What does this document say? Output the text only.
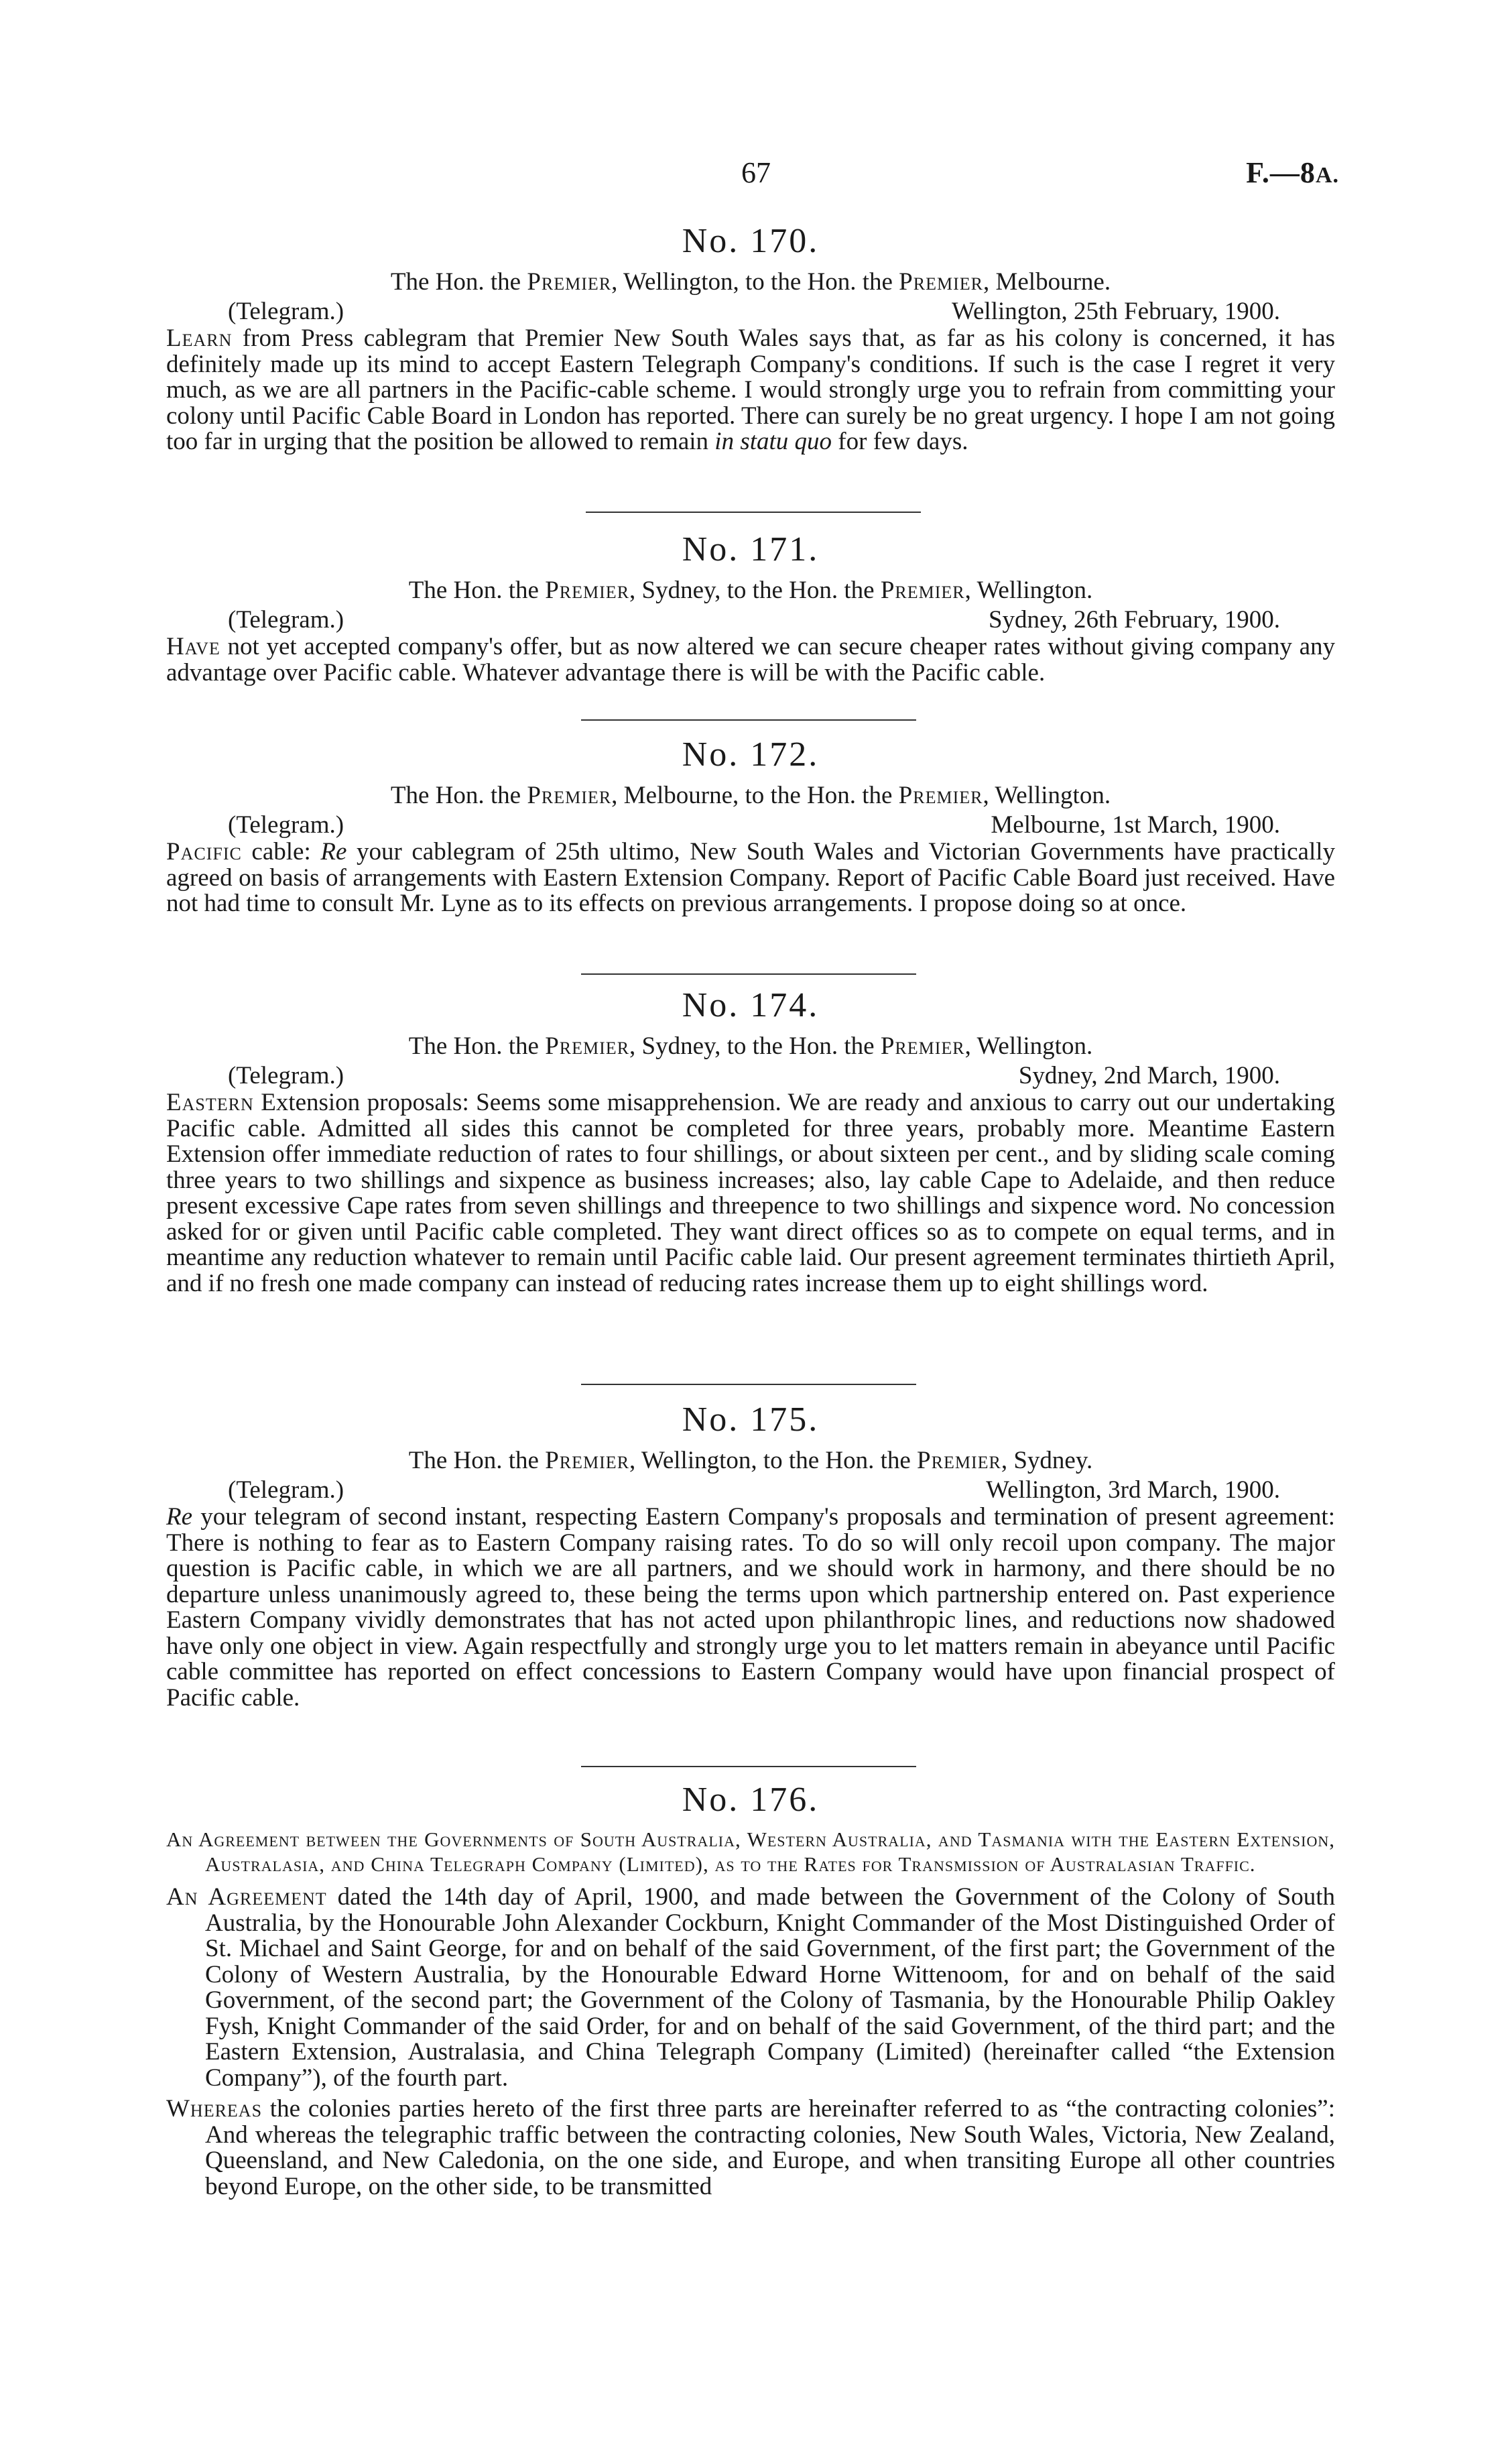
67	F.—8A.
No. 170.
The Hon. the Premier, Wellington, to the Hon. the Premier, Melbourne.
(Telegram.)	Wellington, 25th February, 1900.

Learn from Press cablegram that Premier New South Wales says that, as far as his colony is concerned, it has definitely made up its mind to accept Eastern Telegraph Company's conditions. If such is the case I regret it very much, as we are all partners in the Pacific-cable scheme. I would strongly urge you to refrain from committing your colony until Pacific Cable Board in London has reported. There can surely be no great urgency. I hope I am not going too far in urging that the position be allowed to remain in statu quo for few days.

No. 171.
The Hon. the Premier, Sydney, to the Hon. the Premier, Wellington.
(Telegram.)	Sydney, 26th February, 1900.

Have not yet accepted company's offer, but as now altered we can secure cheaper rates without giving company any advantage over Pacific cable. Whatever advantage there is will be with the Pacific cable.

No. 172.
The Hon. the Premier, Melbourne, to the Hon. the Premier, Wellington.
(Telegram.)	Melbourne, 1st March, 1900.

Pacific cable: Re your cablegram of 25th ultimo, New South Wales and Victorian Governments have practically agreed on basis of arrangements with Eastern Extension Company. Report of Pacific Cable Board just received. Have not had time to consult Mr. Lyne as to its effects on previous arrangements. I propose doing so at once.

No. 174.
The Hon. the Premier, Sydney, to the Hon. the Premier, Wellington.
(Telegram.)	Sydney, 2nd March, 1900.

Eastern Extension proposals: Seems some misapprehension. We are ready and anxious to carry out our undertaking Pacific cable. Admitted all sides this cannot be completed for three years, probably more. Meantime Eastern Extension offer immediate reduction of rates to four shillings, or about sixteen per cent., and by sliding scale coming three years to two shillings and sixpence as business increases; also, lay cable Cape to Adelaide, and then reduce present excessive Cape rates from seven shillings and threepence to two shillings and sixpence word. No concession asked for or given until Pacific cable completed. They want direct offices so as to compete on equal terms, and in meantime any reduction whatever to remain until Pacific cable laid. Our present agreement terminates thirtieth April, and if no fresh one made company can instead of reducing rates increase them up to eight shillings word.

No. 175.
The Hon. the Premier, Wellington, to the Hon. the Premier, Sydney.
(Telegram.)	Wellington, 3rd March, 1900.

Re your telegram of second instant, respecting Eastern Company's proposals and termination of present agreement: There is nothing to fear as to Eastern Company raising rates. To do so will only recoil upon company. The major question is Pacific cable, in which we are all partners, and we should work in harmony, and there should be no departure unless unanimously agreed to, these being the terms upon which partnership entered on. Past experience Eastern Company vividly demonstrates that has not acted upon philanthropic lines, and reductions now shadowed have only one object in view. Again respectfully and strongly urge you to let matters remain in abeyance until Pacific cable committee has reported on effect concessions to Eastern Company would have upon financial prospect of Pacific cable.

No. 176.

An Agreement between the Governments of South Australia, Western Australia, and Tasmania with the Eastern Extension, Australasia, and China Telegraph Company (Limited), as to the Rates for Transmission of Australasian Traffic.

An Agreement dated the 14th day of April, 1900, and made between the Government of the Colony of South Australia, by the Honourable John Alexander Cockburn, Knight Commander of the Most Distinguished Order of St. Michael and Saint George, for and on behalf of the said Government, of the first part; the Government of the Colony of Western Australia, by the Honourable Edward Horne Wittenoom, for and on behalf of the said Government, of the second part; the Government of the Colony of Tasmania, by the Honourable Philip Oakley Fysh, Knight Commander of the said Order, for and on behalf of the said Government, of the third part; and the Eastern Extension, Australasia, and China Telegraph Company (Limited) (hereinafter called “the Extension Company”), of the fourth part.
Whereas the colonies parties hereto of the first three parts are hereinafter referred to as “the contracting colonies”: And whereas the telegraphic traffic between the contracting colonies, New South Wales, Victoria, New Zealand, Queensland, and New Caledonia, on the one side, and Europe, and when transiting Europe all other countries beyond Europe, on the other side, to be transmitted
